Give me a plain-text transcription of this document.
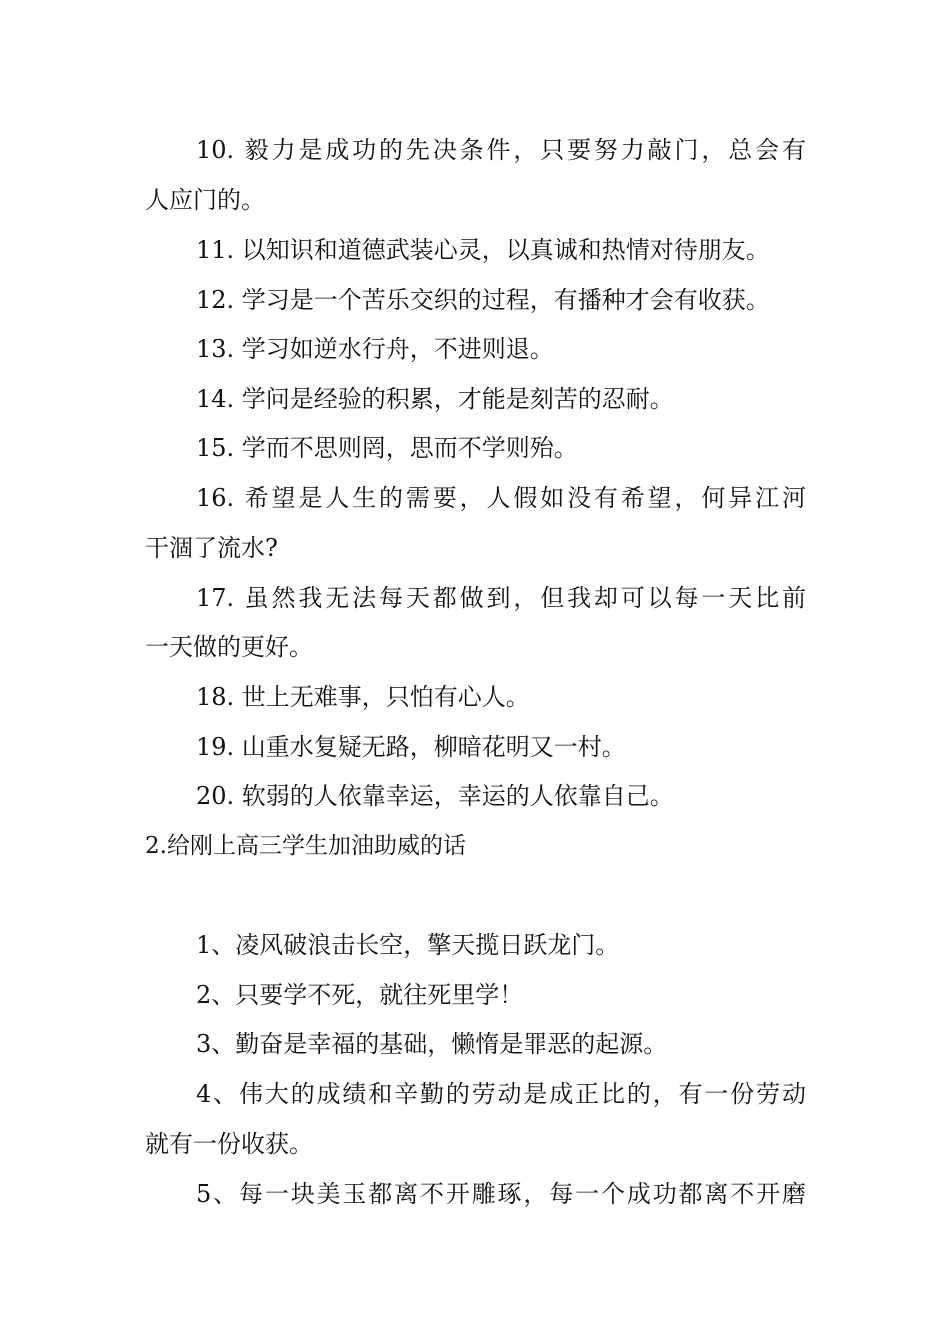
10. 毅力是成功的先决条件，只要努力敲门，总会有
人应门的。
11. 以知识和道德武装心灵，以真诚和热情对待朋友。
12. 学习是一个苦乐交织的过程，有播种才会有收获。
13. 学习如逆水行舟，不进则退。
14. 学问是经验的积累，才能是刻苦的忍耐。
15. 学而不思则罔，思而不学则殆。
16. 希望是人生的需要，人假如没有希望，何异江河
干涸了流水?
17. 虽然我无法每天都做到，但我却可以每一天比前
一天做的更好。
18. 世上无难事，只怕有心人。
19. 山重水复疑无路，柳暗花明又一村。
20. 软弱的人依靠幸运，幸运的人依靠自己。
2.给刚上高三学生加油助威的话
1、凌风破浪击长空，擎天揽日跃龙门。
2、只要学不死，就往死里学！
3、勤奋是幸福的基础，懒惰是罪恶的起源。
4、伟大的成绩和辛勤的劳动是成正比的，有一份劳动
就有一份收获。
5、每一块美玉都离不开雕琢，每一个成功都离不开磨
